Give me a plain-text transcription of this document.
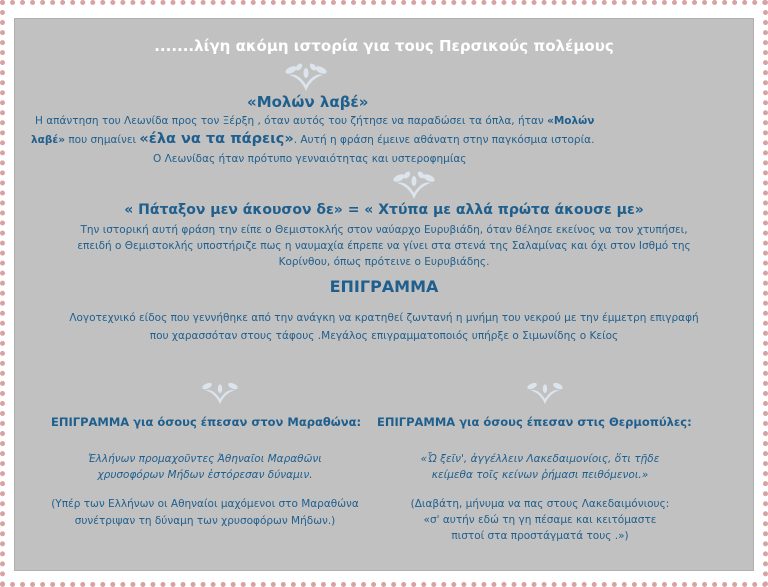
.......λίγη ακόμη ιστορία για τους Περσικούς πολέμους
«Μολών λαβέ»
Η απάντηση του Λεωνίδα προς τον Ξέρξη , όταν αυτός του ζήτησε να παραδώσει τα όπλα, ήταν «Μολών
λαβέ» που σημαίνει «έλα να τα πάρεις». Αυτή η φράση έμεινε αθάνατη στην παγκόσμια ιστορία.
Ο Λεωνίδας ήταν πρότυπο γενναιότητας και υστεροφημίας
« Πάταξον μεν άκουσον δε» = « Χτύπα με αλλά πρώτα άκουσε με»
Την ιστορική αυτή φράση την είπε ο Θεμιστοκλής στον ναύαρχο Ευρυβιάδη, όταν θέλησε εκείνος να τον χτυπήσει,
επειδή ο Θεμιστοκλής υποστήριζε πως η ναυμαχία έπρεπε να γίνει στα στενά της Σαλαμίνας και όχι στον Ισθμό της
Κορίνθου, όπως πρότεινε ο Ευρυβιάδης.
ΕΠΙΓΡΑΜΜΑ
Λογοτεχνικό είδος που γεννήθηκε από την ανάγκη να κρατηθεί ζωντανή η μνήμη του νεκρού με την έμμετρη επιγραφή
που χαρασσόταν στους τάφους .Μεγάλος επιγραμματοποιός υπήρξε ο Σιμωνίδης ο Κείος
ΕΠΙΓΡΑΜΜΑ για όσους έπεσαν στον Μαραθώνα:
Ἑλλήνων προμαχοῦντες Ἀθηναῖοι Μαραθῶνι
χρυσοφόρων Μήδων ἐστόρεσαν δύναμιν.
(Υπέρ των Ελλήνων οι Αθηναίοι μαχόμενοι στο Μαραθώνα
συνέτριψαν τη δύναμη των χρυσοφόρων Μήδων.)
ΕΠΙΓΡΑΜΜΑ για όσους έπεσαν στις Θερμοπύλες:
«Ὦ ξεῖν', ἀγγέλλειν Λακεδαιμονίοις, ὅτι τῇδε
κείμεθα τοῖς κείνων ῥήμασι πειθόμενοι.»
(Διαβάτη, μήνυμα να πας στους Λακεδαιμόνιους:
«σ' αυτήν εδώ τη γη πέσαμε και κειτόμαστε
πιστοί στα προστάγματά τους .»)
